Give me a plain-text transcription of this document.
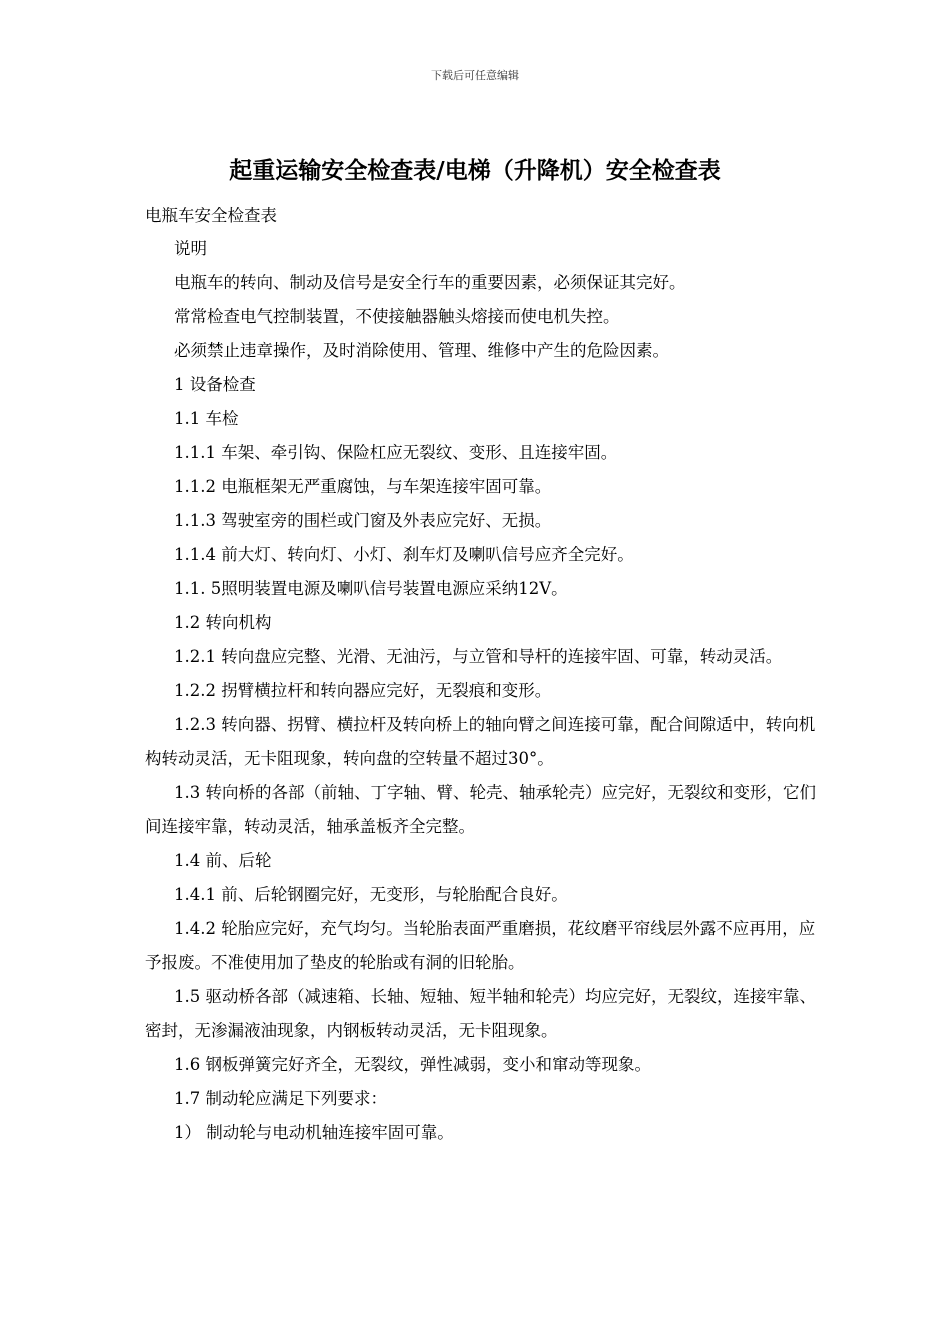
下载后可任意编辑
起重运输安全检查表/电梯（升降机）安全检查表
电瓶车安全检查表

说明

电瓶车的转向、制动及信号是安全行车的重要因素，必须保证其完好。

常常检查电气控制装置，不使接触器触头熔接而使电机失控。

必须禁止违章操作，及时消除使用、管理、维修中产生的危险因素。

1 设备检查

1.1 车检

1.1.1 车架、牵引钩、保险杠应无裂纹、变形、且连接牢固。

1.1.2 电瓶框架无严重腐蚀，与车架连接牢固可靠。

1.1.3 驾驶室旁的围栏或门窗及外表应完好、无损。

1.1.4 前大灯、转向灯、小灯、刹车灯及喇叭信号应齐全完好。

1.1. 5照明装置电源及喇叭信号装置电源应采纳12V。

1.2 转向机构

1.2.1 转向盘应完整、光滑、无油污，与立管和导杆的连接牢固、可靠，转动灵活。

1.2.2 拐臂横拉杆和转向器应完好，无裂痕和变形。

1.2.3 转向器、拐臂、横拉杆及转向桥上的轴向臂之间连接可靠，配合间隙适中，转向机构转动灵活，无卡阻现象，转向盘的空转量不超过30°。

1.3 转向桥的各部（前轴、丁字轴、臂、轮壳、轴承轮壳）应完好，无裂纹和变形，它们间连接牢靠，转动灵活，轴承盖板齐全完整。

1.4 前、后轮

1.4.1 前、后轮钢圈完好，无变形，与轮胎配合良好。

1.4.2 轮胎应完好，充气均匀。当轮胎表面严重磨损，花纹磨平帘线层外露不应再用，应予报废。不准使用加了垫皮的轮胎或有洞的旧轮胎。

1.5 驱动桥各部（减速箱、长轴、短轴、短半轴和轮壳）均应完好，无裂纹，连接牢靠、密封，无渗漏液油现象，内钢板转动灵活，无卡阻现象。

1.6 钢板弹簧完好齐全，无裂纹，弹性减弱，变小和窜动等现象。

1.7 制动轮应满足下列要求：

1） 制动轮与电动机轴连接牢固可靠。
